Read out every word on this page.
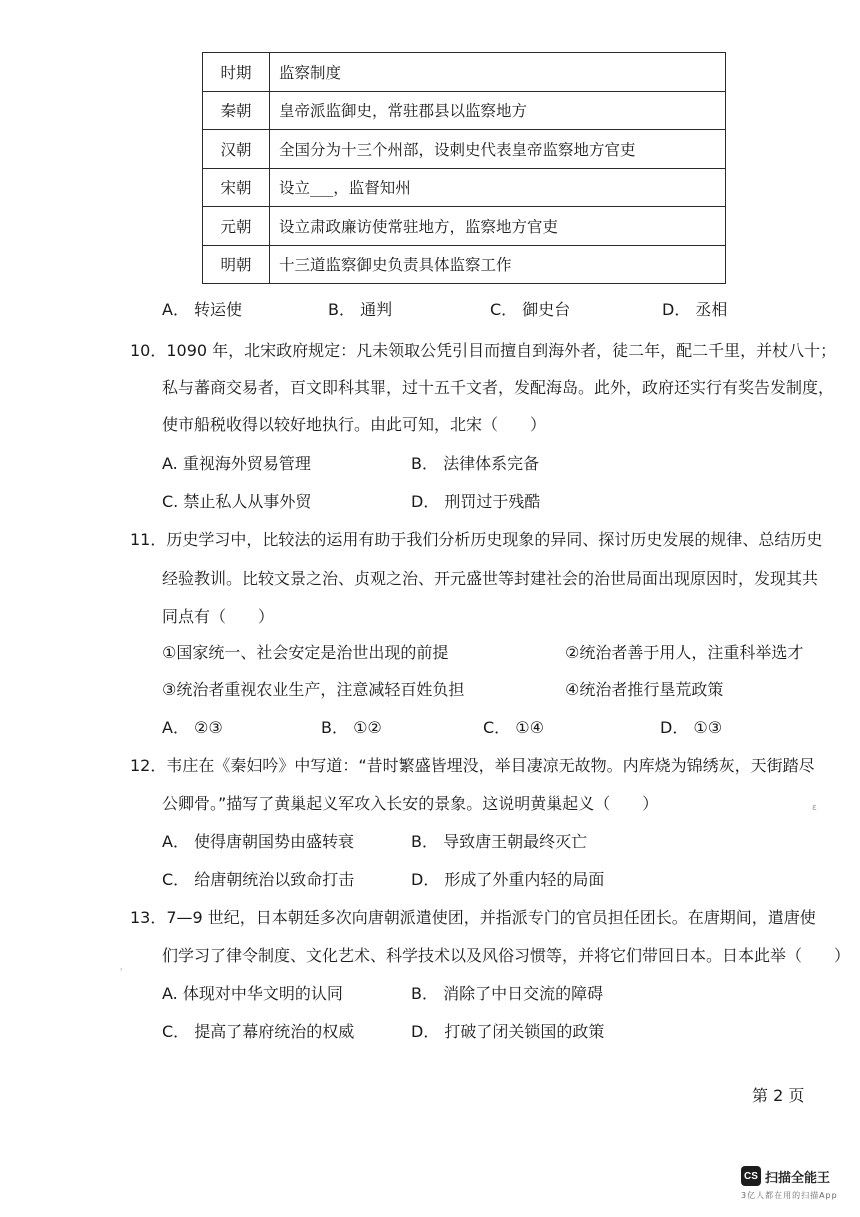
时期	监察制度
秦朝	皇帝派监御史，常驻郡县以监察地方
汉朝	全国分为十三个州部，设刺史代表皇帝监察地方官吏
宋朝	设立___，监督知州
元朝	设立肃政廉访使常驻地方，监察地方官吏
明朝	十三道监察御史负责具体监察工作
A． 转运使	B． 通判	C． 御史台	D． 丞相
10．1090 年，北宋政府规定：凡未领取公凭引目而擅自到海外者，徒二年，配二千里，并杖八十；
私与蕃商交易者，百文即科其罪，过十五千文者，发配海岛。此外，政府还实行有奖告发制度，
使市船税收得以较好地执行。由此可知，北宋（　　）
A. 重视海外贸易管理	B． 法律体系完备
C. 禁止私人从事外贸	D． 刑罚过于残酷
11．历史学习中，比较法的运用有助于我们分析历史现象的异同、探讨历史发展的规律、总结历史
经验教训。比较文景之治、贞观之治、开元盛世等封建社会的治世局面出现原因时，发现其共
同点有（　　）
①国家统一、社会安定是治世出现的前提	②统治者善于用人，注重科举选才
③统治者重视农业生产，注意减轻百姓负担	④统治者推行垦荒政策
A． ②③	B． ①②	C． ①④	D． ①③
12．韦庄在《秦妇吟》中写道：“昔时繁盛皆埋没，举目凄凉无故物。内库烧为锦绣灰，天街踏尽
公卿骨。”描写了黄巢起义军攻入长安的景象。这说明黄巢起义（　　）
A． 使得唐朝国势由盛转衰	B． 导致唐王朝最终灭亡
C． 给唐朝统治以致命打击	D． 形成了外重内轻的局面
13．7—9 世纪，日本朝廷多次向唐朝派遣使团，并指派专门的官员担任团长。在唐期间，遣唐使
们学习了律令制度、文化艺术、科学技术以及风俗习惯等，并将它们带回日本。日本此举（　　）
A. 体现对中华文明的认同	B． 消除了中日交流的障碍
C． 提高了幕府统治的权威	D． 打破了闭关锁国的政策
第 2 页
ɛ
˒
CS 扫描全能王
3亿人都在用的扫描App
